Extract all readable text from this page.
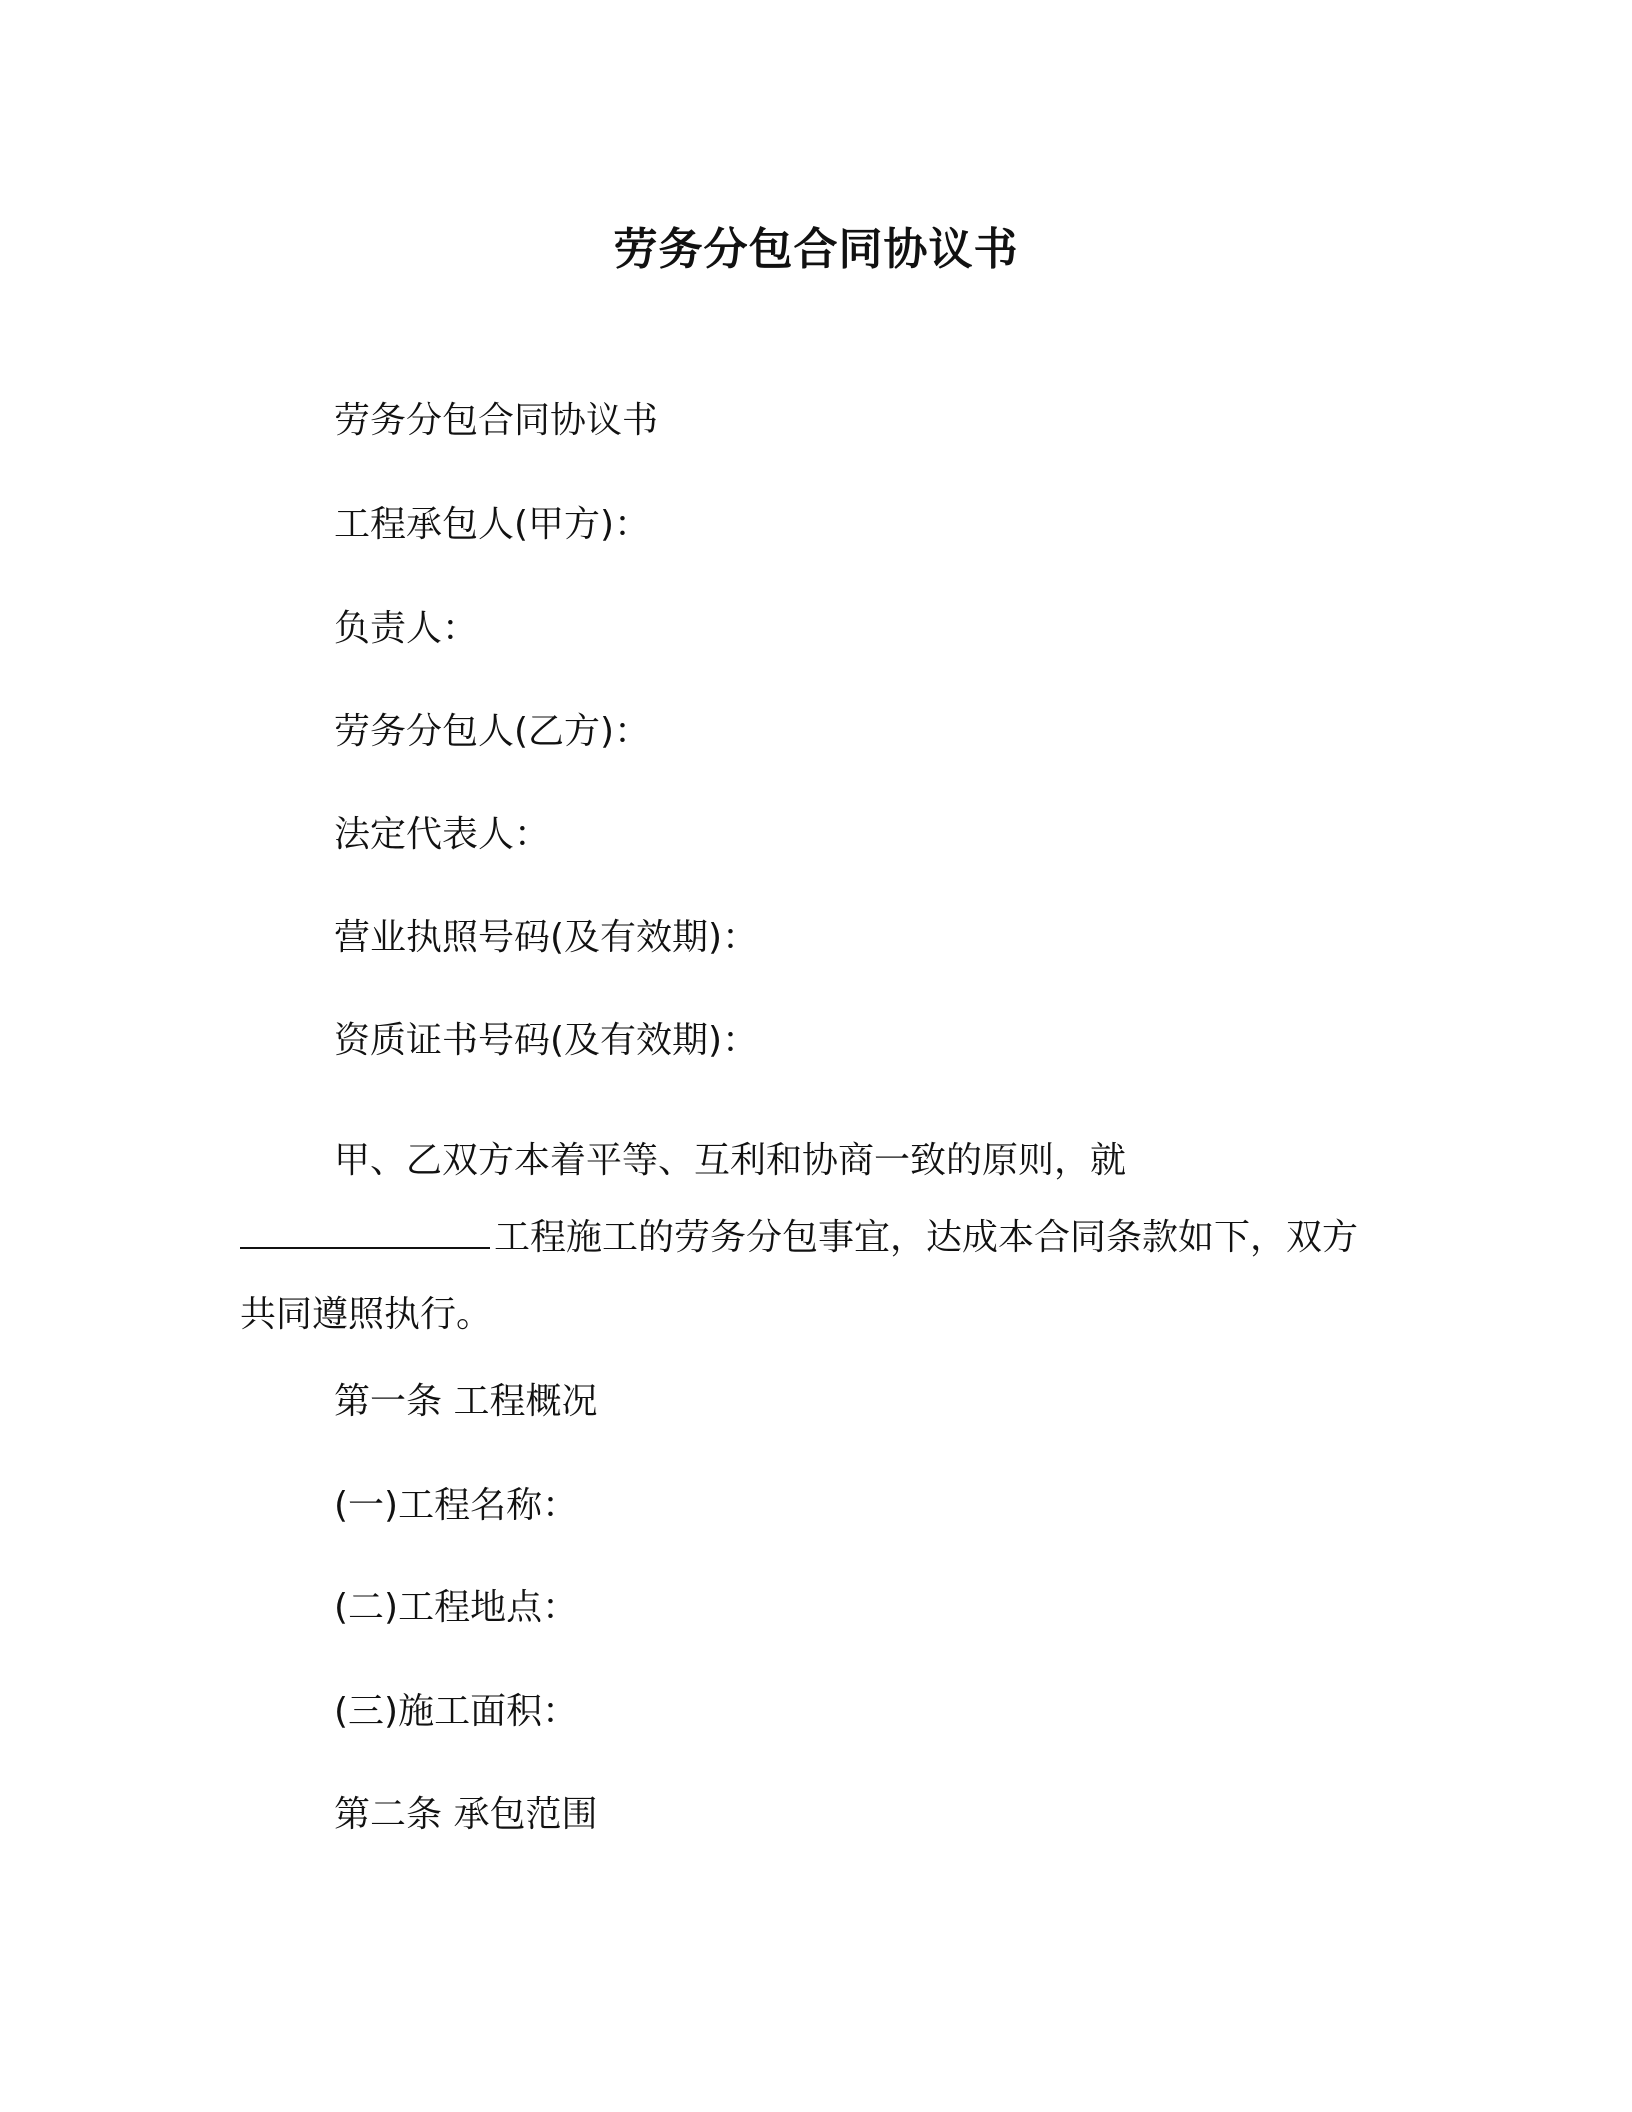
劳务分包合同协议书

劳务分包合同协议书

工程承包人(甲方)：

负责人：

劳务分包人(乙方)：

法定代表人：

营业执照号码(及有效期)：

资质证书号码(及有效期)：

甲、乙双方本着平等、互利和协商一致的原则，就
工程施工的劳务分包事宜，达成本合同条款如下，双方
共同遵照执行。

第一条 工程概况

(一)工程名称：

(二)工程地点：

(三)施工面积：

第二条 承包范围
